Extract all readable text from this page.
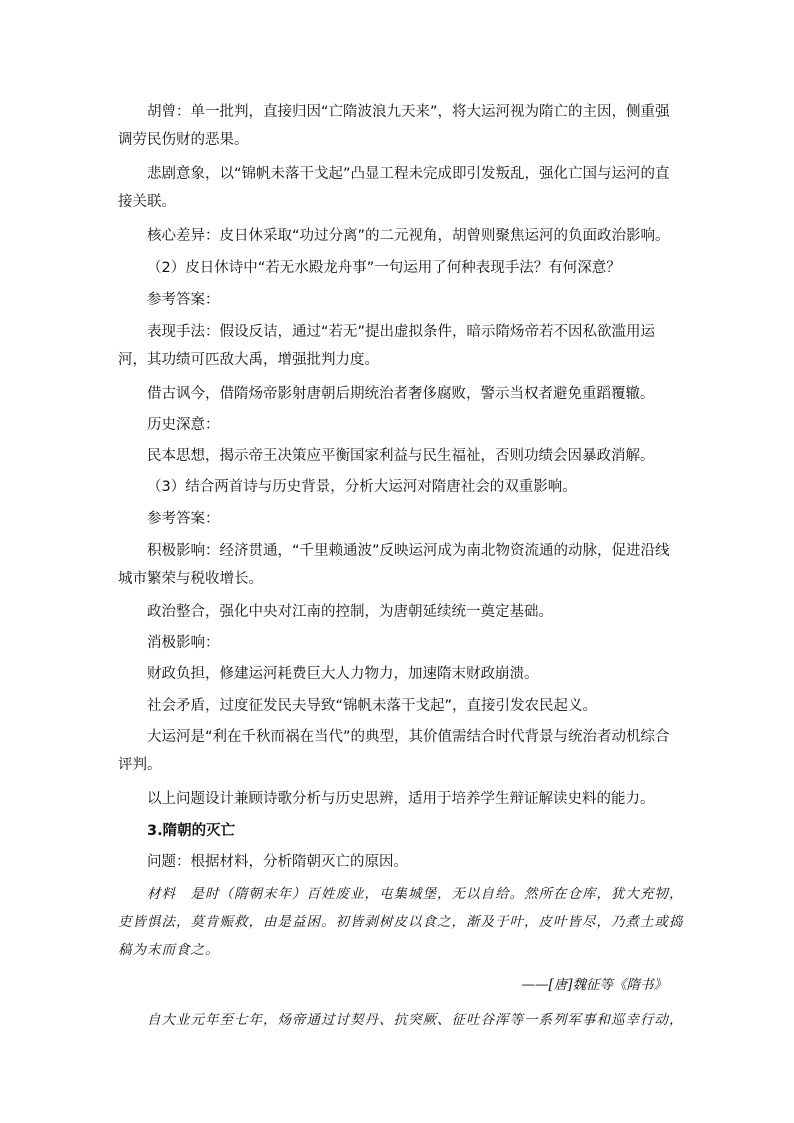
胡曾：单一批判，直接归因“亡隋波浪九天来”，将大运河视为隋亡的主因，侧重强调劳民伤财的恶果。

悲剧意象，以“锦帆未落干戈起”凸显工程未完成即引发叛乱，强化亡国与运河的直接关联。

核心差异：皮日休采取“功过分离”的二元视角，胡曾则聚焦运河的负面政治影响。

（2）皮日休诗中“若无水殿龙舟事”一句运用了何种表现手法？有何深意？

参考答案：

表现手法：假设反诘，通过“若无”提出虚拟条件，暗示隋炀帝若不因私欲滥用运河，其功绩可匹敌大禹，增强批判力度。

借古讽今，借隋炀帝影射唐朝后期统治者奢侈腐败，警示当权者避免重蹈覆辙。

历史深意：

民本思想，揭示帝王决策应平衡国家利益与民生福祉，否则功绩会因暴政消解。

（3）结合两首诗与历史背景，分析大运河对隋唐社会的双重影响。

参考答案：

积极影响：经济贯通，“千里赖通波”反映运河成为南北物资流通的动脉，促进沿线城市繁荣与税收增长。

政治整合，强化中央对江南的控制，为唐朝延续统一奠定基础。

消极影响：

财政负担，修建运河耗费巨大人力物力，加速隋末财政崩溃。

社会矛盾，过度征发民夫导致“锦帆未落干戈起”，直接引发农民起义。

大运河是“利在千秋而祸在当代”的典型，其价值需结合时代背景与统治者动机综合评判。

以上问题设计兼顾诗歌分析与历史思辨，适用于培养学生辩证解读史料的能力。

3.隋朝的灭亡

问题：根据材料，分析隋朝灭亡的原因。

材料　是时（隋朝末年）百姓废业，屯集城堡，无以自给。然所在仓库，犹大充牣，吏皆惧法，莫肯赈救，由是益困。初皆剥树皮以食之，渐及于叶，皮叶皆尽，乃煮土或捣稿为末而食之。

——[唐]魏征等《隋书》

自大业元年至七年，炀帝通过讨契丹、抗突厥、征吐谷浑等一系列军事和巡幸行动，
